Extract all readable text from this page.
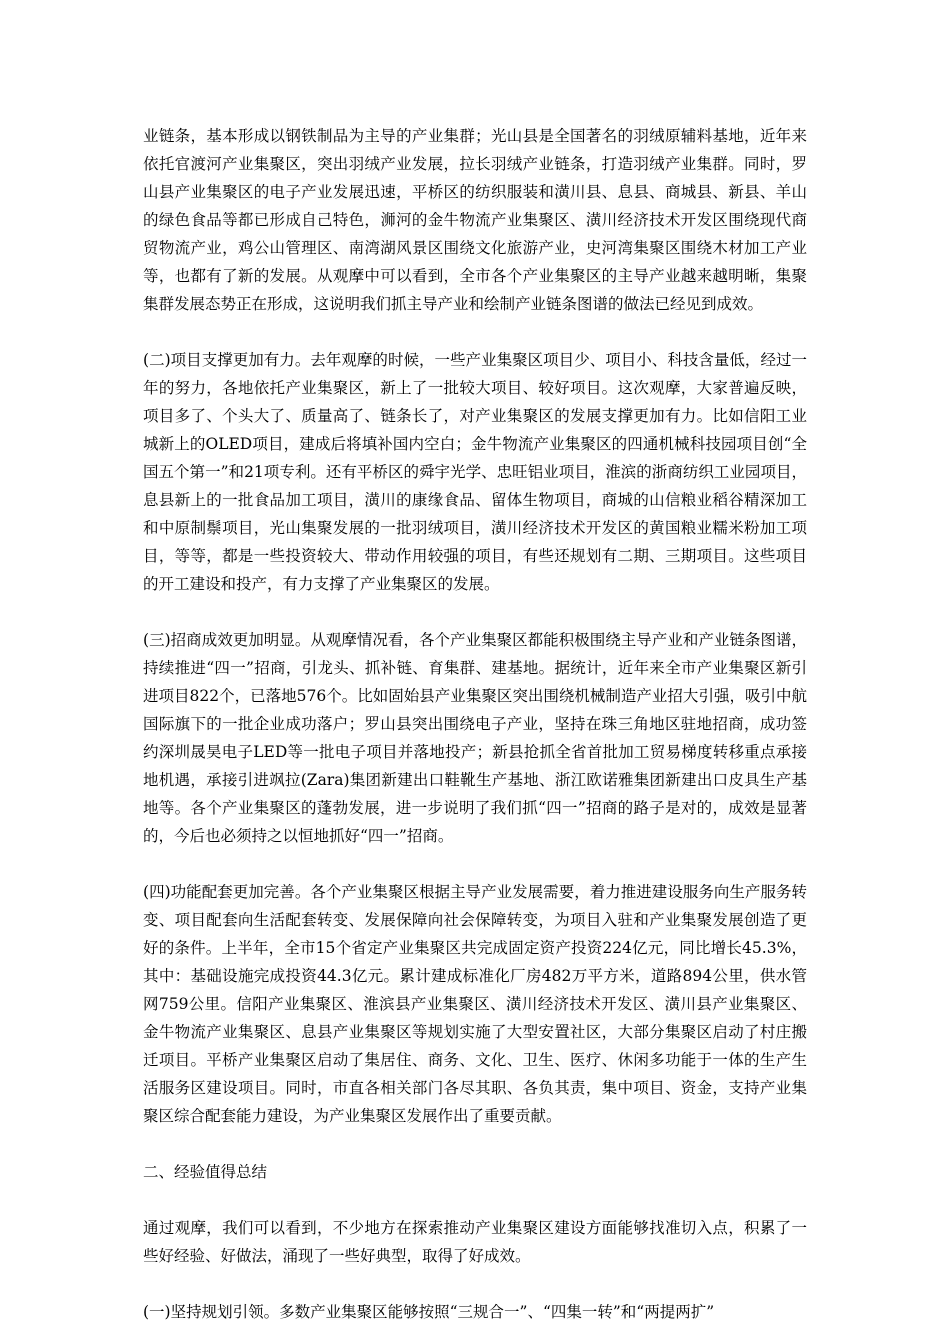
业链条，基本形成以钢铁制品为主导的产业集群；光山县是全国著名的羽绒原辅料基地，近年来依托官渡河产业集聚区，突出羽绒产业发展，拉长羽绒产业链条，打造羽绒产业集群。同时，罗山县产业集聚区的电子产业发展迅速，平桥区的纺织服装和潢川县、息县、商城县、新县、羊山的绿色食品等都已形成自己特色，浉河的金牛物流产业集聚区、潢川经济技术开发区围绕现代商贸物流产业，鸡公山管理区、南湾湖风景区围绕文化旅游产业，史河湾集聚区围绕木材加工产业等，也都有了新的发展。从观摩中可以看到，全市各个产业集聚区的主导产业越来越明晰，集聚集群发展态势正在形成，这说明我们抓主导产业和绘制产业链条图谱的做法已经见到成效。

(二)项目支撑更加有力。去年观摩的时候，一些产业集聚区项目少、项目小、科技含量低，经过一年的努力，各地依托产业集聚区，新上了一批较大项目、较好项目。这次观摩，大家普遍反映，项目多了、个头大了、质量高了、链条长了，对产业集聚区的发展支撑更加有力。比如信阳工业城新上的OLED项目，建成后将填补国内空白；金牛物流产业集聚区的四通机械科技园项目创“全国五个第一”和21项专利。还有平桥区的舜宇光学、忠旺铝业项目，淮滨的浙商纺织工业园项目，息县新上的一批食品加工项目，潢川的康缘食品、留体生物项目，商城的山信粮业稻谷精深加工和中原制鬃项目，光山集聚发展的一批羽绒项目，潢川经济技术开发区的黄国粮业糯米粉加工项目，等等，都是一些投资较大、带动作用较强的项目，有些还规划有二期、三期项目。这些项目的开工建设和投产，有力支撑了产业集聚区的发展。

(三)招商成效更加明显。从观摩情况看，各个产业集聚区都能积极围绕主导产业和产业链条图谱，持续推进“四一”招商，引龙头、抓补链、育集群、建基地。据统计，近年来全市产业集聚区新引进项目822个，已落地576个。比如固始县产业集聚区突出围绕机械制造产业招大引强，吸引中航国际旗下的一批企业成功落户；罗山县突出围绕电子产业，坚持在珠三角地区驻地招商，成功签约深圳晟昊电子LED等一批电子项目并落地投产；新县抢抓全省首批加工贸易梯度转移重点承接地机遇，承接引进飒拉(Zara)集团新建出口鞋靴生产基地、浙江欧诺雅集团新建出口皮具生产基地等。各个产业集聚区的蓬勃发展，进一步说明了我们抓“四一”招商的路子是对的，成效是显著的，今后也必须持之以恒地抓好“四一”招商。

(四)功能配套更加完善。各个产业集聚区根据主导产业发展需要，着力推进建设服务向生产服务转变、项目配套向生活配套转变、发展保障向社会保障转变，为项目入驻和产业集聚发展创造了更好的条件。上半年，全市15个省定产业集聚区共完成固定资产投资224亿元，同比增长45.3%，其中：基础设施完成投资44.3亿元。累计建成标准化厂房482万平方米，道路894公里，供水管网759公里。信阳产业集聚区、淮滨县产业集聚区、潢川经济技术开发区、潢川县产业集聚区、金牛物流产业集聚区、息县产业集聚区等规划实施了大型安置社区，大部分集聚区启动了村庄搬迁项目。平桥产业集聚区启动了集居住、商务、文化、卫生、医疗、休闲多功能于一体的生产生活服务区建设项目。同时，市直各相关部门各尽其职、各负其责，集中项目、资金，支持产业集聚区综合配套能力建设，为产业集聚区发展作出了重要贡献。

二、经验值得总结

通过观摩，我们可以看到，不少地方在探索推动产业集聚区建设方面能够找准切入点，积累了一些好经验、好做法，涌现了一些好典型，取得了好成效。

(一)坚持规划引领。多数产业集聚区能够按照“三规合一”、“四集一转”和“两提两扩”
